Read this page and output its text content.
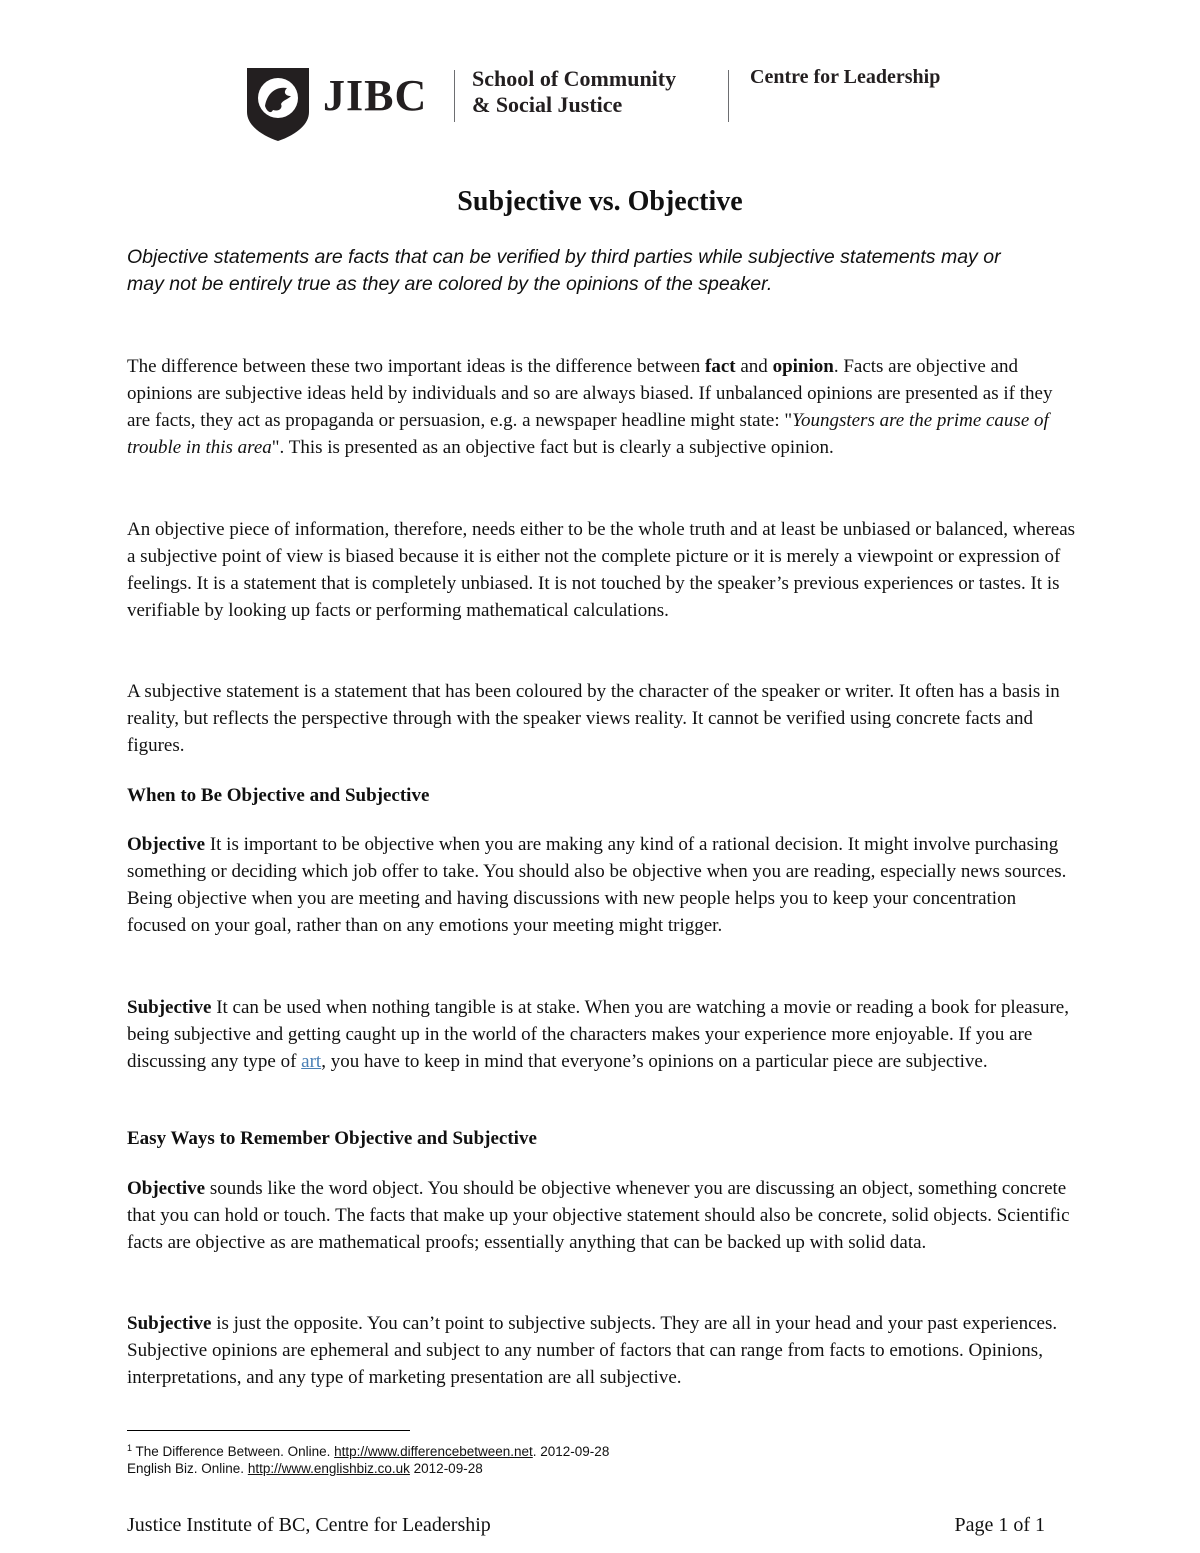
JIBC School of Community
& Social Justice
Centre for Leadership
Subjective vs. Objective
Objective statements are facts that can be verified by third parties while subjective statements may or may not be entirely true as they are colored by the opinions of the speaker.
The difference between these two important ideas is the difference between fact and opinion. Facts are objective and opinions are subjective ideas held by individuals and so are always biased. If unbalanced opinions are presented as if they are facts, they act as propaganda or persuasion, e.g. a newspaper headline might state: "Youngsters are the prime cause of trouble in this area". This is presented as an objective fact but is clearly a subjective opinion.
An objective piece of information, therefore, needs either to be the whole truth and at least be unbiased or balanced, whereas a subjective point of view is biased because it is either not the complete picture or it is merely a viewpoint or expression of feelings. It is a statement that is completely unbiased. It is not touched by the speaker’s previous experiences or tastes. It is verifiable by looking up facts or performing mathematical calculations.
A subjective statement is a statement that has been coloured by the character of the speaker or writer. It often has a basis in reality, but reflects the perspective through with the speaker views reality. It cannot be verified using concrete facts and figures.
When to Be Objective and Subjective
Objective It is important to be objective when you are making any kind of a rational decision. It might involve purchasing something or deciding which job offer to take. You should also be objective when you are reading, especially news sources. Being objective when you are meeting and having discussions with new people helps you to keep your concentration focused on your goal, rather than on any emotions your meeting might trigger.
Subjective It can be used when nothing tangible is at stake. When you are watching a movie or reading a book for pleasure, being subjective and getting caught up in the world of the characters makes your experience more enjoyable. If you are discussing any type of art, you have to keep in mind that everyone’s opinions on a particular piece are subjective.
Easy Ways to Remember Objective and Subjective
Objective sounds like the word object. You should be objective whenever you are discussing an object, something concrete that you can hold or touch. The facts that make up your objective statement should also be concrete, solid objects. Scientific facts are objective as are mathematical proofs; essentially anything that can be backed up with solid data.
Subjective is just the opposite. You can’t point to subjective subjects. They are all in your head and your past experiences. Subjective opinions are ephemeral and subject to any number of factors that can range from facts to emotions. Opinions, interpretations, and any type of marketing presentation are all subjective.
$^1$ The Difference Between. Online. http://www.differencebetween.net. 2012-09-28
English Biz. Online. http://www.englishbiz.co.uk 2012-09-28
Justice Institute of BC, Centre for Leadership	Page 1 of 1
